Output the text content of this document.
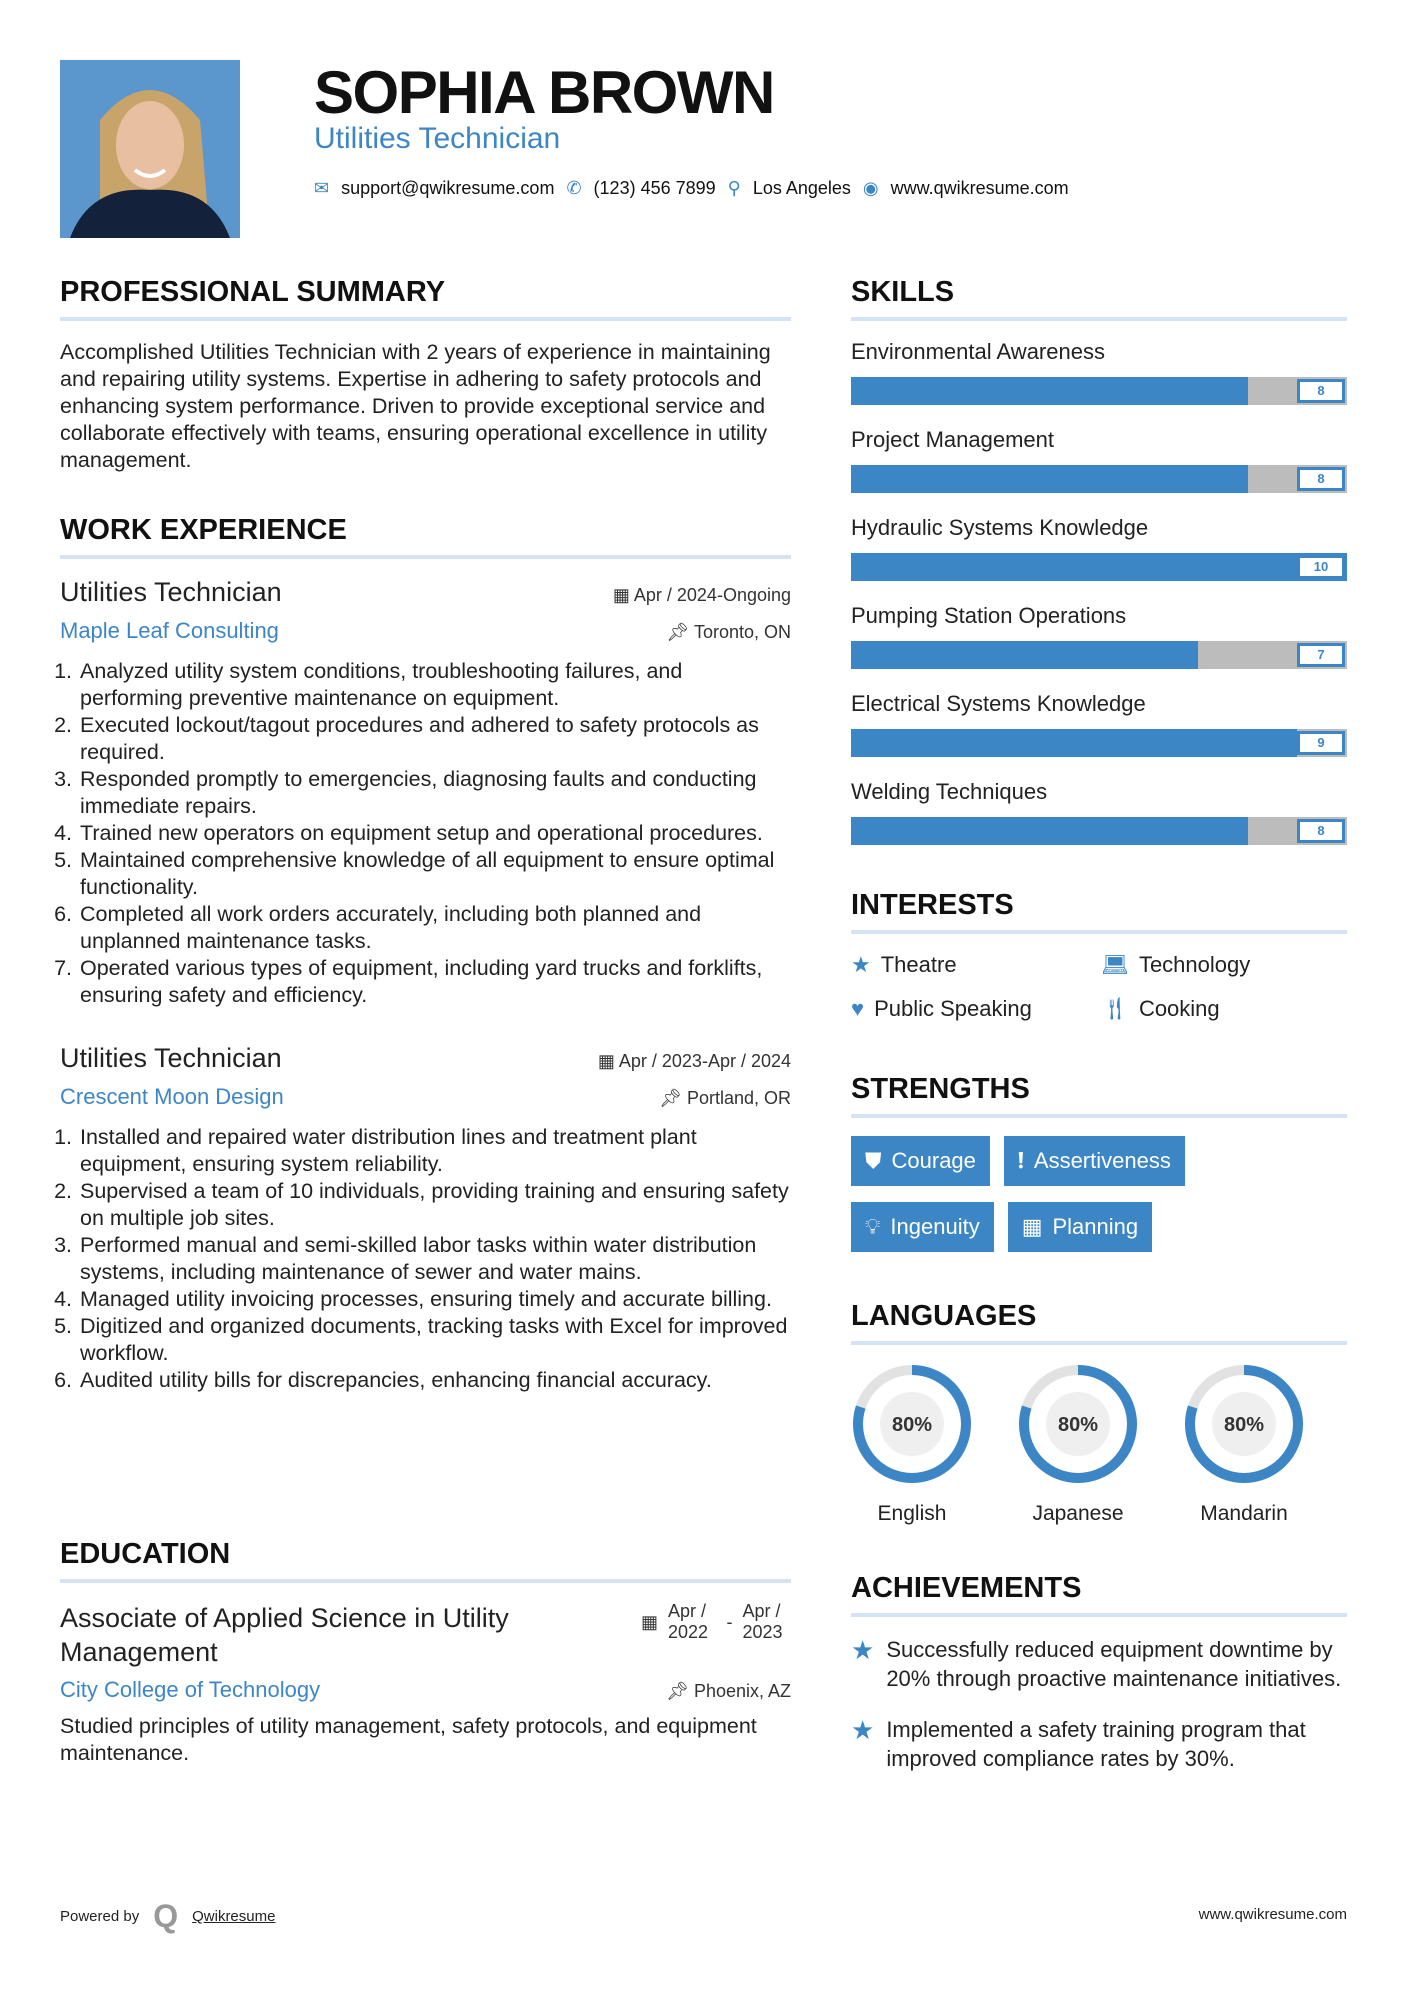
SOPHIA BROWN
Utilities Technician
✉ support@qwikresume.com ✆ (123) 456 7899 ⚲ Los Angeles ◉ www.qwikresume.com
PROFESSIONAL SUMMARY

Accomplished Utilities Technician with 2 years of experience in maintaining and repairing utility systems. Expertise in adhering to safety protocols and enhancing system performance. Driven to provide exceptional service and collaborate effectively with teams, ensuring operational excellence in utility management.

WORK EXPERIENCE
Utilities Technician	▦ Apr / 2024-Ongoing
Maple Leaf Consulting	📌︎ Toronto, ON
1. Analyzed utility system conditions, troubleshooting failures, and performing preventive maintenance on equipment.
2. Executed lockout/tagout procedures and adhered to safety protocols as required.
3. Responded promptly to emergencies, diagnosing faults and conducting immediate repairs.
4. Trained new operators on equipment setup and operational procedures.
5. Maintained comprehensive knowledge of all equipment to ensure optimal functionality.
6. Completed all work orders accurately, including both planned and unplanned maintenance tasks.
7. Operated various types of equipment, including yard trucks and forklifts, ensuring safety and efficiency.
Utilities Technician	▦ Apr / 2023-Apr / 2024
Crescent Moon Design	📌︎ Portland, OR
1. Installed and repaired water distribution lines and treatment plant equipment, ensuring system reliability.
2. Supervised a team of 10 individuals, providing training and ensuring safety on multiple job sites.
3. Performed manual and semi-skilled labor tasks within water distribution systems, including maintenance of sewer and water mains.
4. Managed utility invoicing processes, ensuring timely and accurate billing.
5. Digitized and organized documents, tracking tasks with Excel for improved workflow.
6. Audited utility bills for discrepancies, enhancing financial accuracy.
EDUCATION
Associate of Applied Science in Utility Management
▦
Apr / 2022
-
Apr / 2023
City College of Technology	📌︎ Phoenix, AZ

Studied principles of utility management, safety protocols, and equipment maintenance.

SKILLS
Environmental Awareness
8
Project Management
8
Hydraulic Systems Knowledge
10
Pumping Station Operations
7
Electrical Systems Knowledge
9
Welding Techniques
8
INTERESTS
★ Theatre	💻︎ Technology
♥ Public Speaking	🍴︎ Cooking
STRENGTHS
⛊ Courage ❗︎ Assertiveness
💡︎ Ingenuity ▦ Planning
LANGUAGES
80%
English
80%
Japanese
80%
Mandarin
ACHIEVEMENTS
★ Successfully reduced equipment downtime by 20% through proactive maintenance initiatives.
★ Implemented a safety training program that improved compliance rates by 30%.
Powered by Q Qwikresume	www.qwikresume.com
